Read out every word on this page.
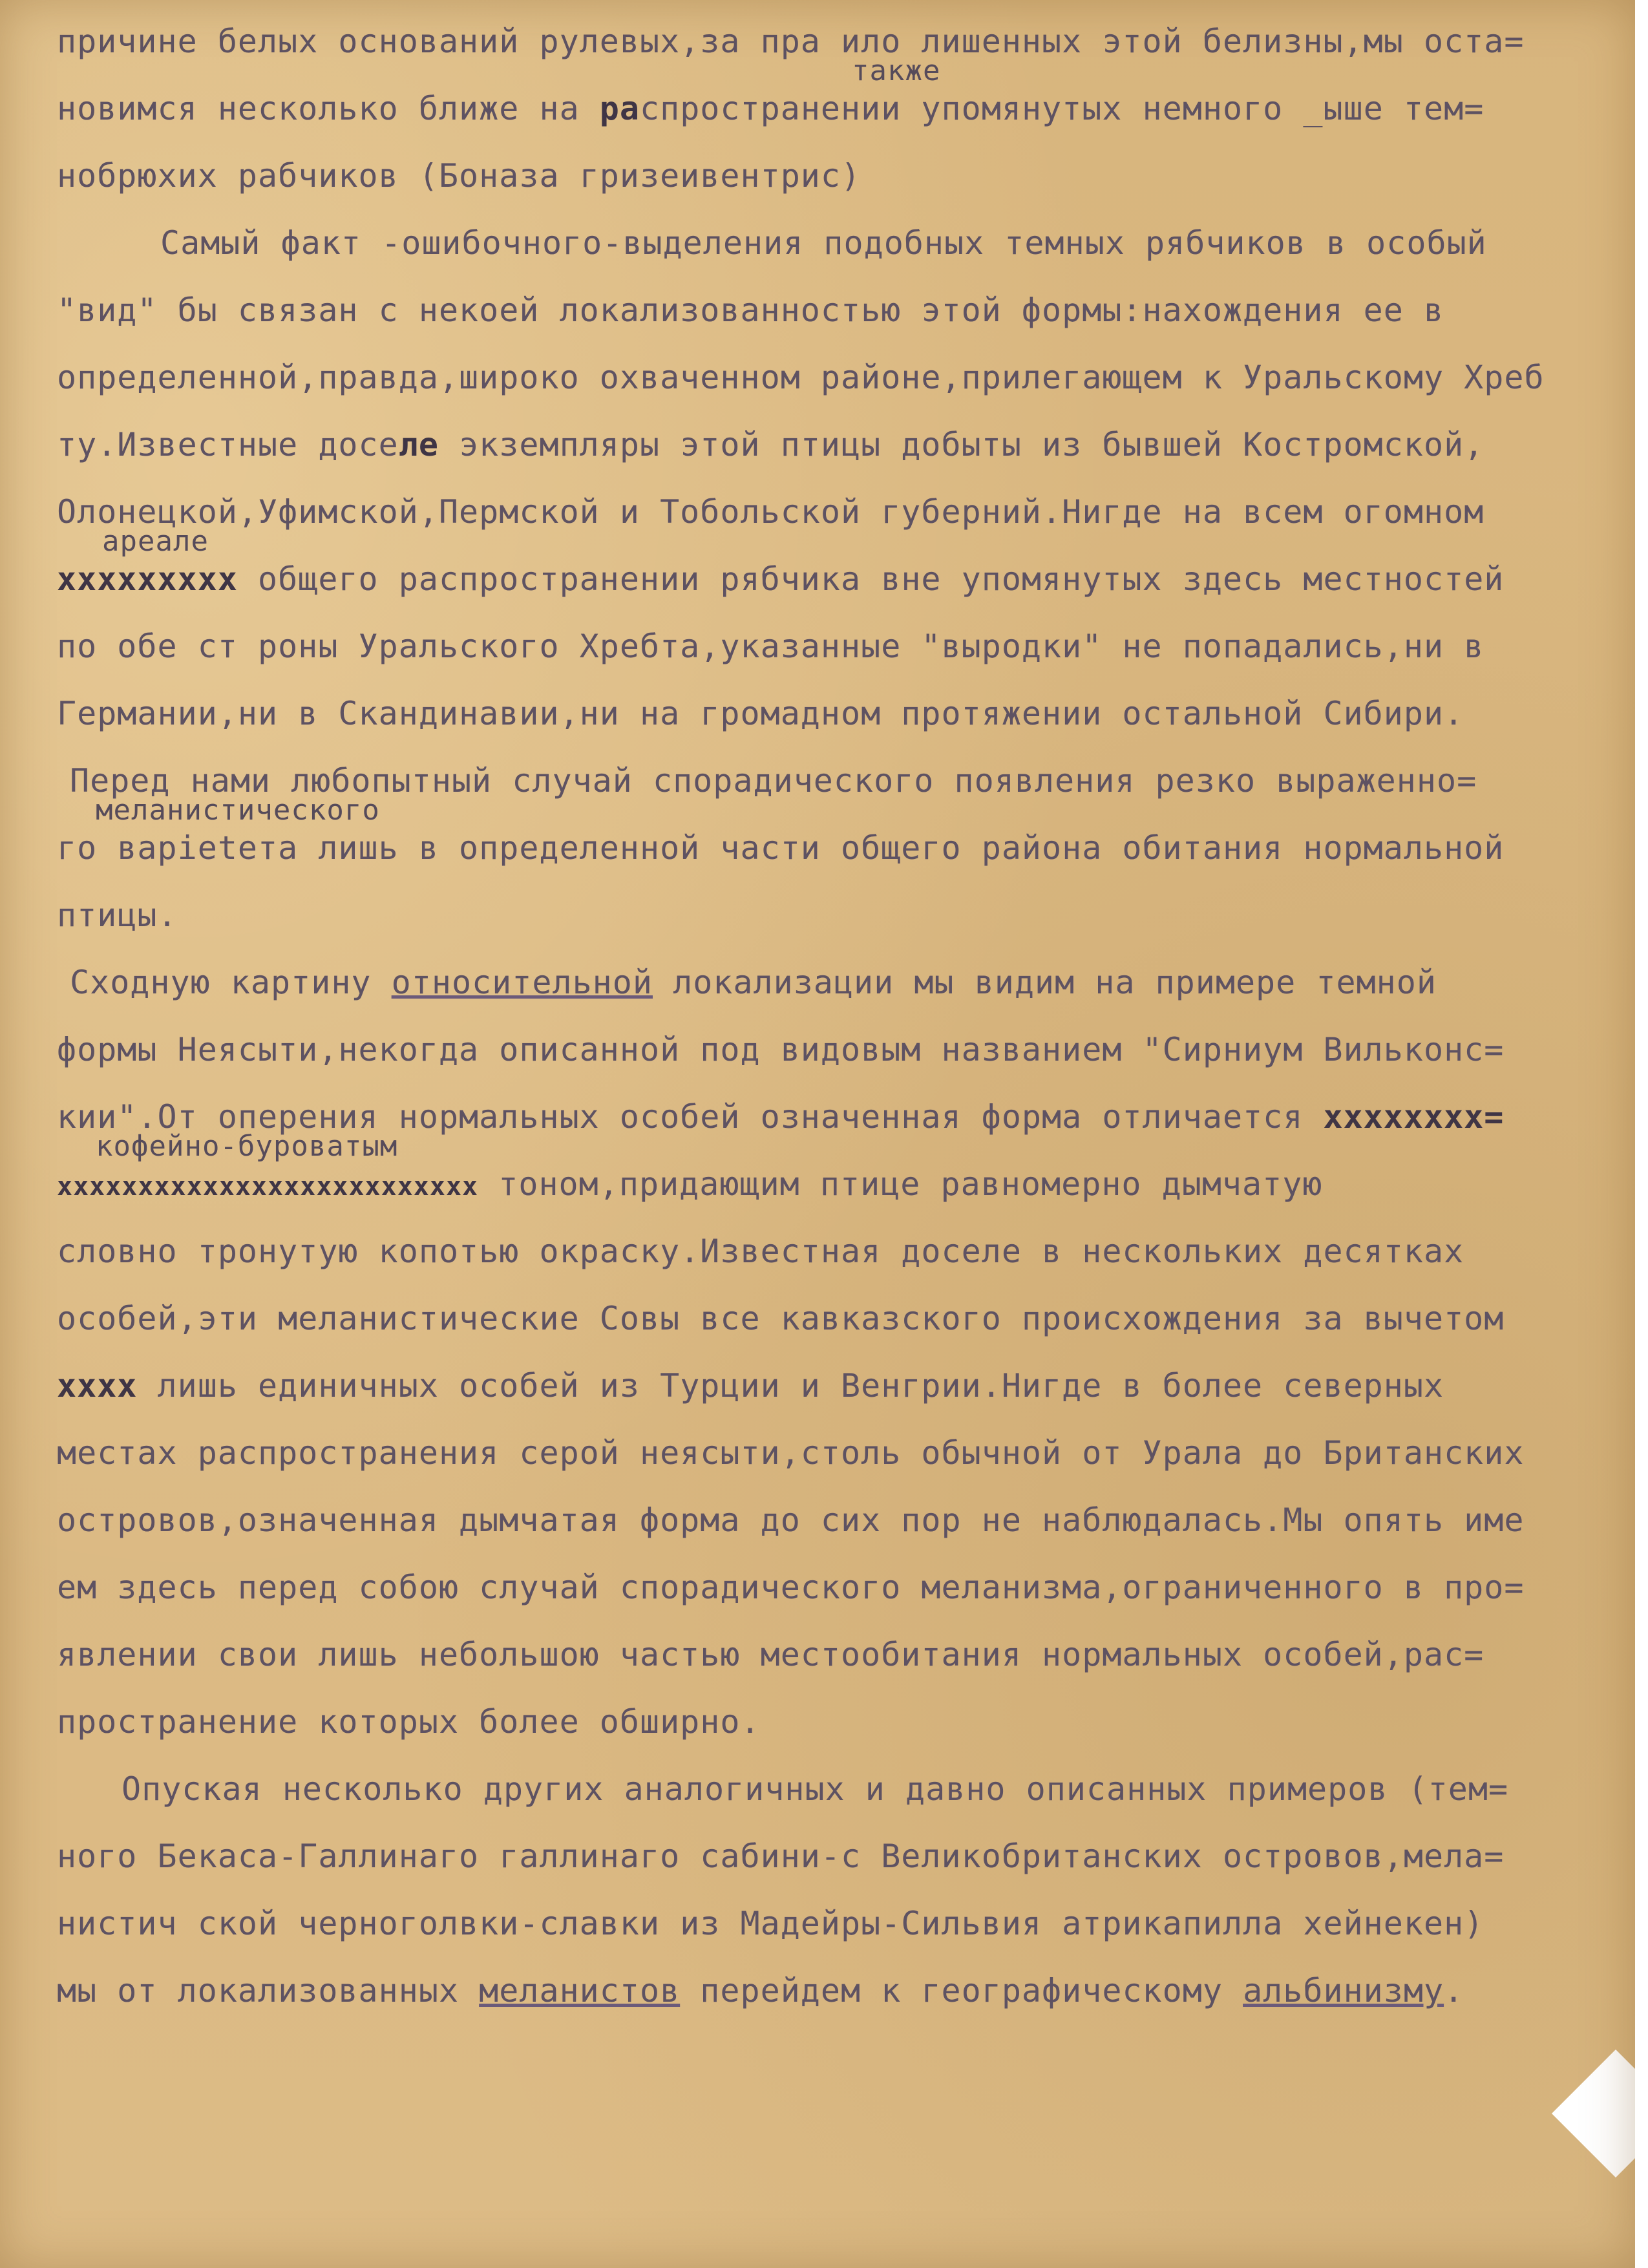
причине белых оснований рулевых,за пра ило лишенных этой белизны,мы оста=
также
новимся несколько ближе на распространении упомянутых немного _ыше тем=
нобрюхих рабчиков (Боназа гризеивентрис)
Самый факт -ошибочного-выделения подобных темных рябчиков в особый
"вид" бы связан с некоей локализованностью этой формы:нахождения ее в
определенной,правда,широко охваченном районе,прилегающем к Уральскому Хреб
ту.Известные доселе экземпляры этой птицы добыты из бывшей Костромской,
Олонецкой,Уфимской,Пермской и Тобольской губерний.Нигде на всем огомном
ареале
ххххххххх общего распространении рябчика вне упомянутых здесь местностей
по обе ст роны Уральского Хребта,указанные "выродки" не попадались,ни в
Германии,ни в Скандинавии,ни на громадном протяжении остальной Сибири.
Перед нами любопытный случай спорадического появления резко выраженно=
меланистического
го варietета лишь в определенной части общего района обитания нормальной
птицы.
Сходную картину относительной локализации мы видим на примере темной
формы Неясыти,некогда описанной под видовым названием "Сирниум Вильконс=
кии".От оперения нормальных особей означенная форма отличается хххххххх=
кофейно-буроватым
хххххххххххххххххххххххххх тоном,придающим птице равномерно дымчатую
словно тронутую копотью окраску.Известная доселе в нескольких десятках
особей,эти меланистические Совы все кавказского происхождения за вычетом
хххх лишь единичных особей из Турции и Венгрии.Нигде в более северных
местах распространения серой неясыти,столь обычной от Урала до Британских
островов,означенная дымчатая форма до сих пор не наблюдалась.Мы опять име
ем здесь перед собою случай спорадического меланизма,ограниченного в про=
явлении свои лишь небольшою частью местообитания нормальных особей,рас=
пространение которых более обширно.
Опуская несколько других аналогичных и давно описанных примеров (тем=
ного Бекаса-Галлинаго галлинаго сабини-с Великобританских островов,мела=
нистич ской черноголвки-славки из Мадейры-Сильвия атрикапилла хейнекен)
мы от локализованных меланистов перейдем к географическому альбинизму.
